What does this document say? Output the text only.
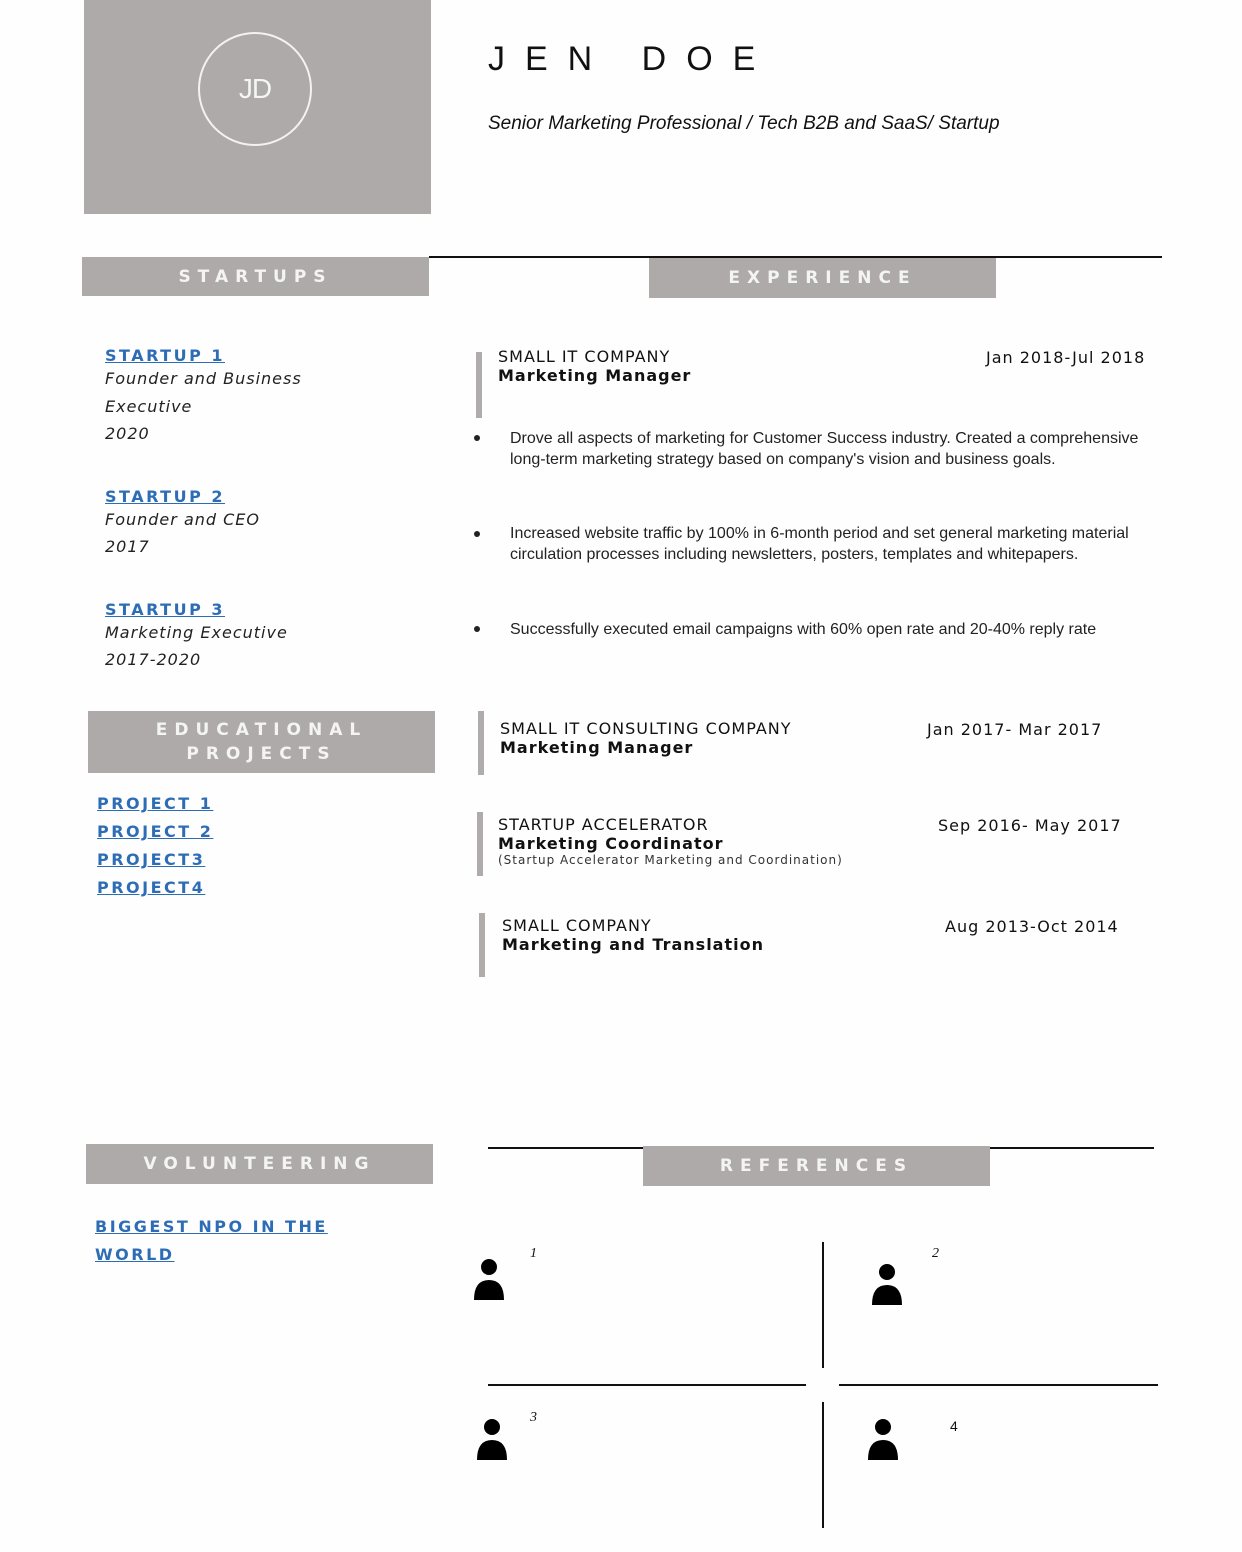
JD
JEN DOE
Senior Marketing Professional / Tech B2B and SaaS/ Startup
STARTUPS	EXPERIENCE
STARTUP 1
Founder and Business
Executive
2020
STARTUP 2
Founder and CEO
2017
STARTUP 3
Marketing Executive
2017-2020
EDUCATIONAL
PROJECTS
PROJECT 1
PROJECT 2
PROJECT3
PROJECT4
SMALL IT COMPANY
Marketing Manager
Jan 2018-Jul 2018
Drove all aspects of marketing for Customer Success industry. Created a comprehensive long-term marketing strategy based on company's vision and business goals.
Increased website traffic by 100% in 6-month period and set general marketing material circulation processes including newsletters, posters, templates and whitepapers.
Successfully executed email campaigns with 60% open rate and 20-40% reply rate
SMALL IT CONSULTING COMPANY
Marketing Manager
Jan 2017- Mar 2017
STARTUP ACCELERATOR
Marketing Coordinator
(Startup Accelerator Marketing and Coordination)
Sep 2016- May 2017
SMALL COMPANY
Marketing and Translation
Aug 2013-Oct 2014
VOLUNTEERING
BIGGEST NPO IN THE
WORLD
REFERENCES
1	2
3
4
